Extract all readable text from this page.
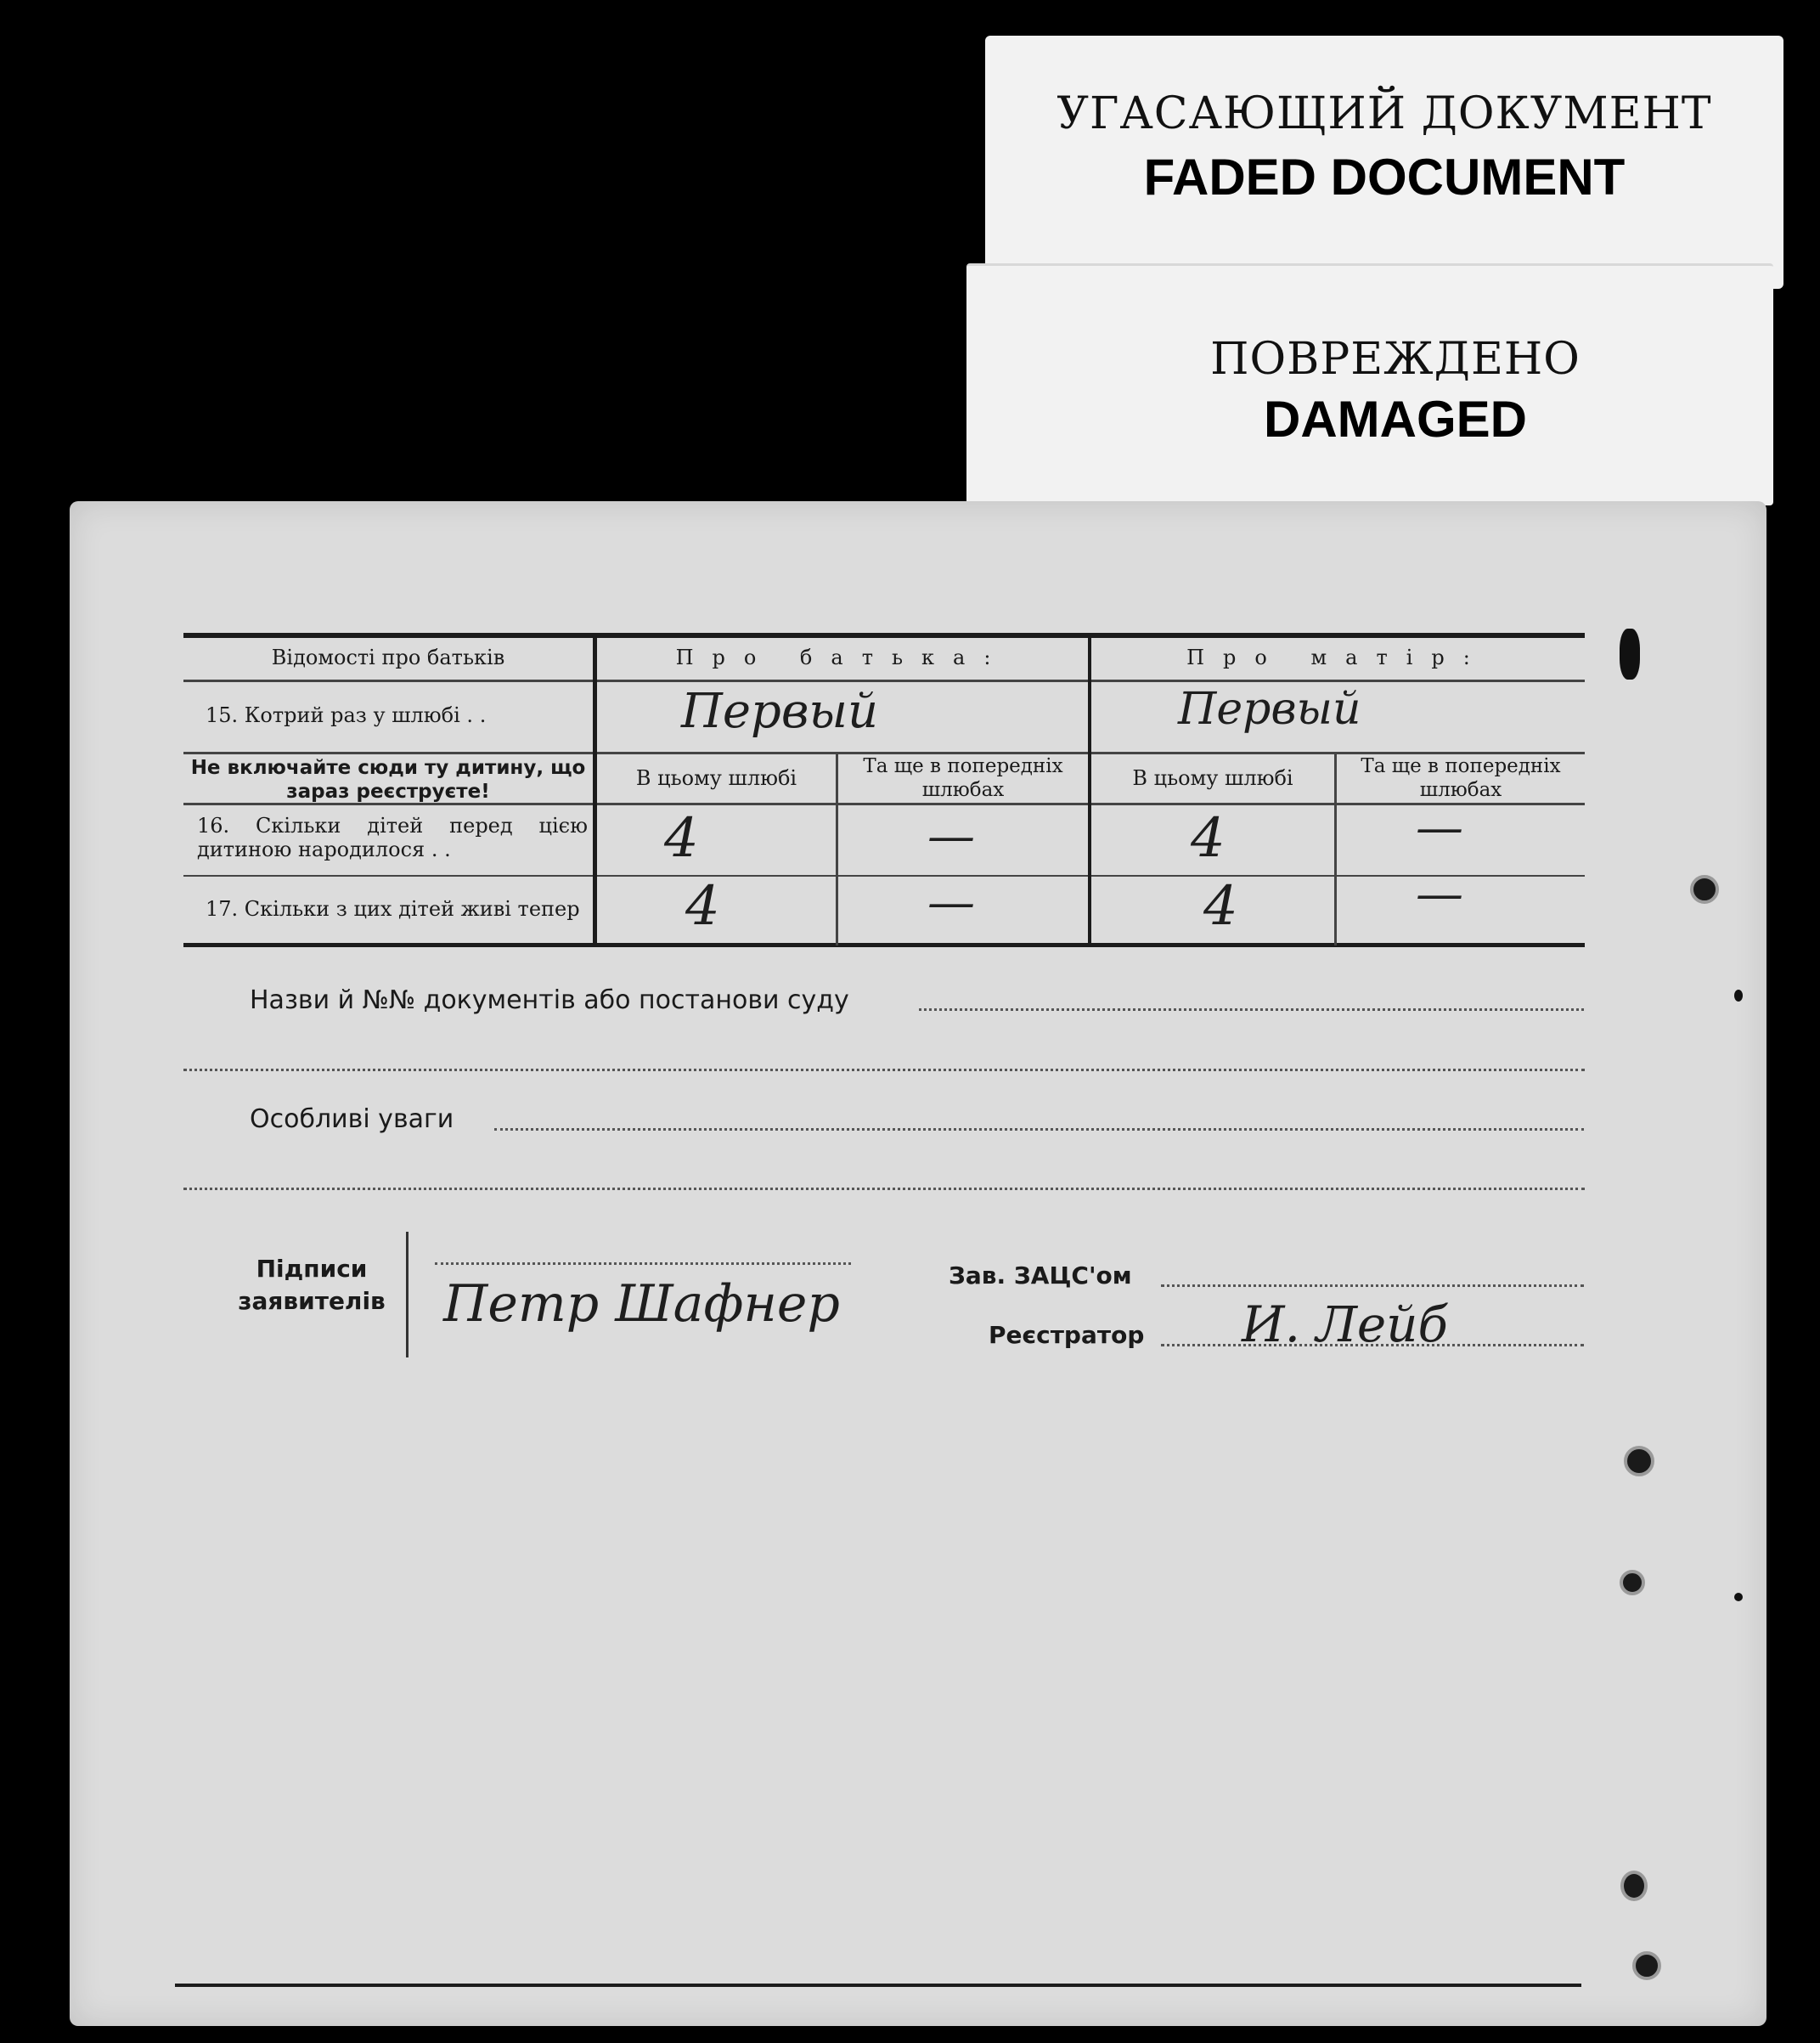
УГАСАЮЩИЙ ДОКУМЕНТ
FADED DOCUMENT
ПОВРЕЖДЕНО
DAMAGED
Відомості про батьків	Про батька:	Про матір:
15. Котрий раз у шлюбі . .	Первый	Первый
Не включайте сюди ту дитину, що зараз реєструєте!
В цьому шлюбі	Та ще в попередніх шлюбах	В цьому шлюбі	Та ще в попередніх шлюбах
16. Скільки дітей перед цією дитиною народилося . .	4	—	4	—
17. Скільки з цих дітей живі тепер 4	—	4	—
Назви й №№ документів або постанови суду
Особливі уваги
Підписи заявителів Петр Шафнер	Зав. ЗАЦС'ом
Реєстратор И. Лейб
